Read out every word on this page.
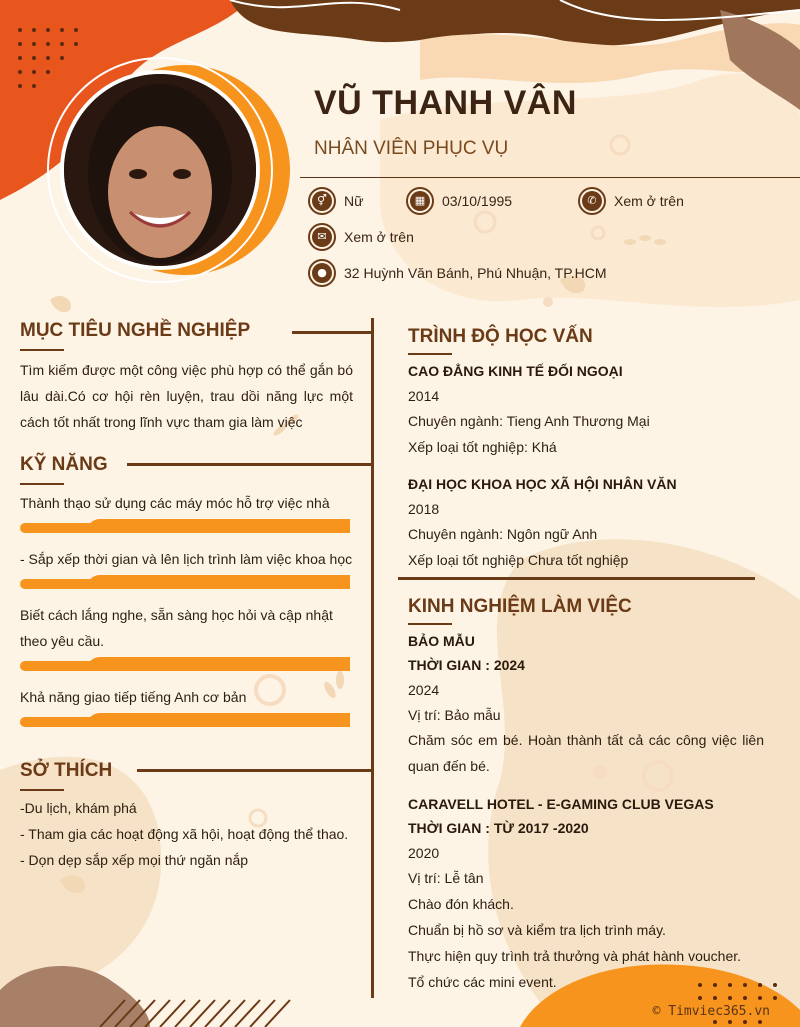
VŨ THANH VÂN
NHÂN VIÊN PHỤC VỤ
⚥	Nữ	▦	03/10/1995	✆	Xem ở trên
✉	Xem ở trên
●	32 Huỳnh Văn Bánh, Phú Nhuận, TP.HCM
MỤC TIÊU NGHỀ NGHIỆP
Tìm kiếm được một công việc phù hợp có thể gắn bó
lâu dài.Có cơ hội rèn luyện, trau dồi năng lực một
cách tốt nhất trong lĩnh vực tham gia làm việc
KỸ NĂNG
Thành thạo sử dụng các máy móc hỗ trợ việc nhà
- Sắp xếp thời gian và lên lịch trình làm việc khoa học
Biết cách lắng nghe, sẵn sàng học hỏi và cập nhật
theo yêu cầu.
Khả năng giao tiếp tiếng Anh cơ bản
SỞ THÍCH
-Du lịch, khám phá
- Tham gia các hoạt động xã hội, hoạt động thể thao.
- Dọn dẹp sắp xếp mọi thứ ngăn nắp
TRÌNH ĐỘ HỌC VẤN
CAO ĐẲNG KINH TẾ ĐỐI NGOẠI
2014
Chuyên ngành: Tieng Anh Thương Mại
Xếp loại tốt nghiệp: Khá
ĐẠI HỌC KHOA HỌC XÃ HỘI NHÂN VĂN
2018
Chuyên ngành: Ngôn ngữ Anh
Xếp loại tốt nghiệp Chưa tốt nghiệp
KINH NGHIỆM LÀM VIỆC
BẢO MẪU
THỜI GIAN : 2024
2024
Vị trí: Bảo mẫu
Chăm sóc em bé. Hoàn thành tất cả các công việc liên
quan đến bé.
CARAVELL HOTEL - E-GAMING CLUB VEGAS
THỜI GIAN : TỪ 2017 -2020
2020
Vị trí: Lễ tân
Chào đón khách.
Chuẩn bị hồ sơ và kiểm tra lịch trình máy.
Thực hiện quy trình trả thưởng và phát hành voucher.
Tổ chức các mini event.
© Timviec365.vn
